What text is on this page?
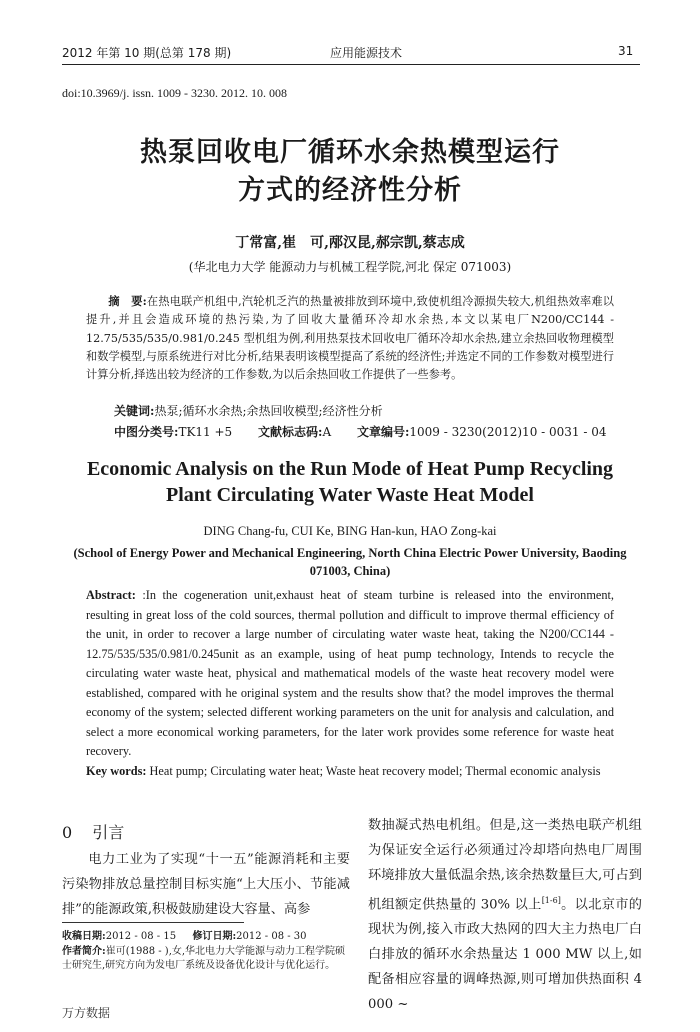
2012 年第 10 期(总第 178 期)	应用能源技术	31
doi:10.3969/j. issn. 1009 - 3230. 2012. 10. 008
热泵回收电厂循环水余热模型运行
方式的经济性分析
丁常富,崔　可,邴汉昆,郝宗凯,蔡志成
(华北电力大学 能源动力与机械工程学院,河北 保定 071003)
摘　要:在热电联产机组中,汽轮机乏汽的热量被排放到环境中,致使机组冷源损失较大,机组热效率难以提升,并且会造成环境的热污染,为了回收大量循环冷却水余热,本文以某电厂N200/CC144 - 12.75/535/535/0.981/0.245 型机组为例,利用热泵技术回收电厂循环冷却水余热,建立余热回收物理模型和数学模型,与原系统进行对比分析,结果表明该模型提高了系统的经济性;并选定不同的工作参数对模型进行计算分析,择选出较为经济的工作参数,为以后余热回收工作提供了一些参考。
关键词:热泵;循环水余热;余热回收模型;经济性分析
中图分类号:TK11 +5 文献标志码:A 文章编号:1009 - 3230(2012)10 - 0031 - 04
Economic Analysis on the Run Mode of Heat Pump Recycling
Plant Circulating Water Waste Heat Model
DING Chang-fu, CUI Ke, BING Han-kun, HAO Zong-kai
(School of Energy Power and Mechanical Engineering, North China Electric Power University, Baoding 071003, China)
Abstract: :In the cogeneration unit,exhaust heat of steam turbine is released into the environment, resulting in great loss of the cold sources, thermal pollution and difficult to improve thermal efficiency of the unit, in order to recover a large number of circulating water waste heat, taking the N200/CC144 - 12.75/535/535/0.981/0.245unit as an example, using of heat pump technology, Intends to recycle the circulating water waste heat, physical and mathematical models of the waste heat recovery model were established, compared with he original system and the results show that? the model improves the thermal economy of the system; selected different working parameters on the unit for analysis and calculation, and select a more economical working parameters, for the later work provides some reference for waste heat recovery.
Key words: Heat pump; Circulating water heat; Waste heat recovery model; Thermal economic analysis
0 引言
电力工业为了实现“十一五”能源消耗和主要污染物排放总量控制目标实施“上大压小、节能减排”的能源政策,积极鼓励建设大容量、高参
数抽凝式热电机组。但是,这一类热电联产机组为保证安全运行必须通过冷却塔向热电厂周围环境排放大量低温余热,该余热数量巨大,可占到机组额定供热量的 30% 以上[1-6]。以北京市的现状为例,接入市政大热网的四大主力热电厂白白排放的循环水余热量达 1 000 MW 以上,如配备相应容量的调峰热源,则可增加供热面积 4 000 ~
收稿日期:2012 - 08 - 15 修订日期:2012 - 08 - 30
作者简介:崔可(1988 - ),女,华北电力大学能源与动力工程学院硕士研究生,研究方向为发电厂系统及设备优化设计与优化运行。
万方数据
